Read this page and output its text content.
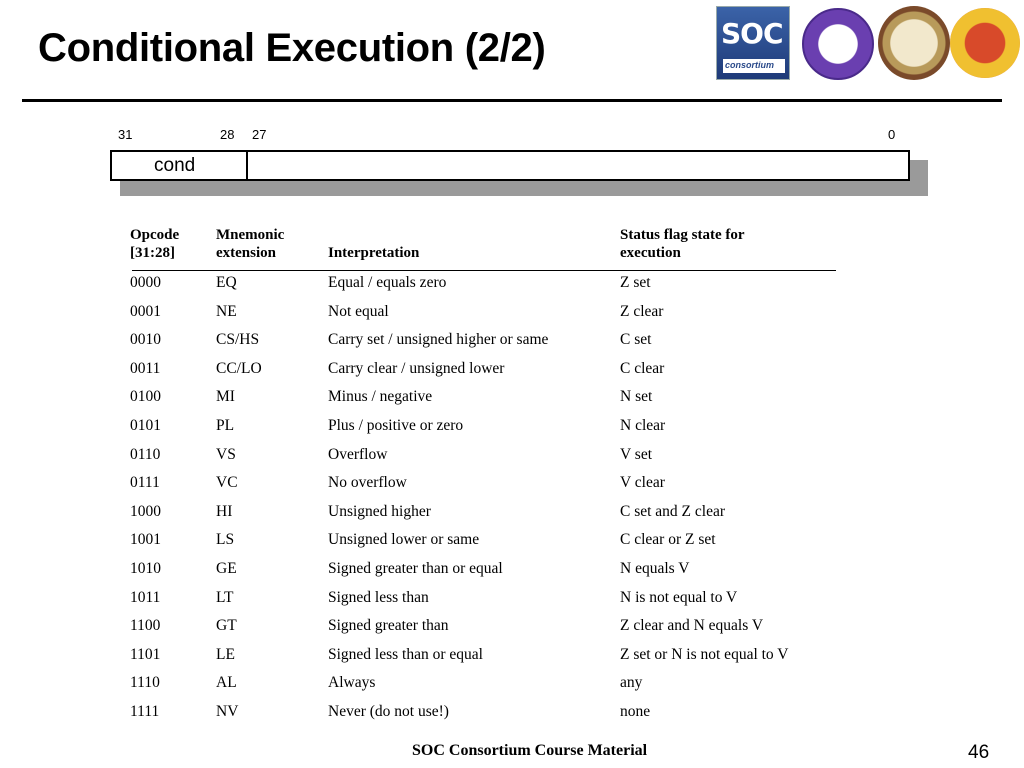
Conditional Execution (2/2)	SOC
consortium
31	28 27	0
cond
Opcode
[31:28]
Mnemonic
extension	Interpretation
Status flag state for
execution
0000	EQ	Equal / equals zero	Z set
0001	NE	Not equal	Z clear
0010	CS/HS	Carry set / unsigned higher or same	C set
0011	CC/LO	Carry clear / unsigned lower	C clear
0100	MI	Minus / negative	N set
0101	PL	Plus / positive or zero	N clear
0110	VS	Overflow	V set
0111	VC	No overflow	V clear
1000	HI	Unsigned higher	C set and Z clear
1001	LS	Unsigned lower or same	C clear or Z set
1010	GE	Signed greater than or equal	N equals V
1011	LT	Signed less than	N is not equal to V
1100	GT	Signed greater than	Z clear and N equals V
1101	LE	Signed less than or equal	Z set or N is not equal to V
1110	AL	Always	any
1111	NV	Never (do not use!)	none
SOC Consortium Course Material	46
